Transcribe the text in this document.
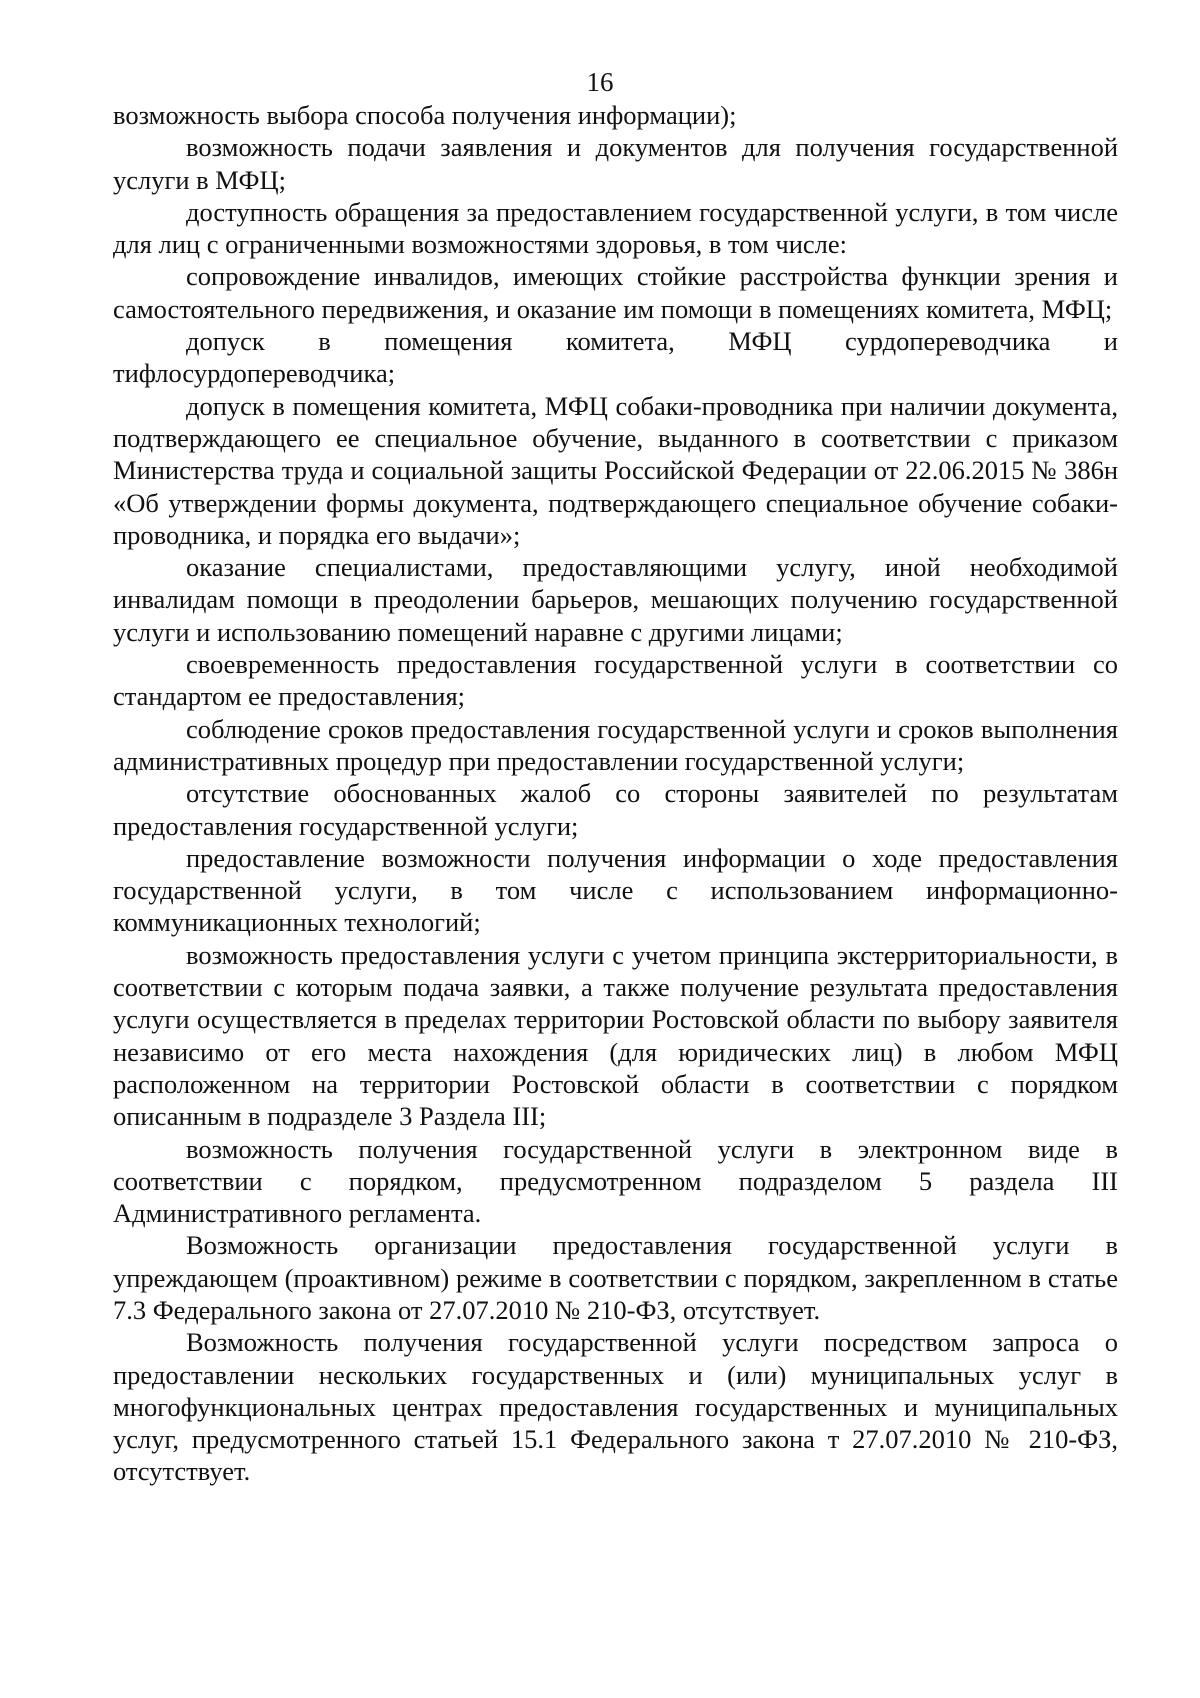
16

возможность выбора способа получения информации);

возможность подачи заявления и документов для получения государственной услуги в МФЦ;

доступность обращения за предоставлением государственной услуги, в том числе для лиц с ограниченными возможностями здоровья, в том числе:

сопровождение инвалидов, имеющих стойкие расстройства функции зрения и самостоятельного передвижения, и оказание им помощи в помещениях комитета, МФЦ;

допуск в помещения комитета, МФЦ сурдопереводчика и тифлосурдопереводчика;

допуск в помещения комитета, МФЦ собаки-проводника при наличии документа, подтверждающего ее специальное обучение, выданного в соответствии с приказом Министерства труда и социальной защиты Российской Федерации от 22.06.2015 № 386н «Об утверждении формы документа, подтверждающего специальное обучение собаки-проводника, и порядка его выдачи»;

оказание специалистами, предоставляющими услугу, иной необходимой инвалидам помощи в преодолении барьеров, мешающих получению государственной услуги и использованию помещений наравне с другими лицами;

своевременность предоставления государственной услуги в соответствии со стандартом ее предоставления;

соблюдение сроков предоставления государственной услуги и сроков выполнения административных процедур при предоставлении государственной услуги;

отсутствие обоснованных жалоб со стороны заявителей по результатам предоставления государственной услуги;

предоставление возможности получения информации о ходе предоставления государственной услуги, в том числе с использованием информационно-коммуникационных технологий;

возможность предоставления услуги с учетом принципа экстерриториальности, в соответствии с которым подача заявки, а также получение результата предоставления услуги осуществляется в пределах территории Ростовской области по выбору заявителя независимо от его места нахождения (для юридических лиц) в любом МФЦ расположенном на территории Ростовской области в соответствии с порядком описанным в подразделе 3 Раздела III;

возможность получения государственной услуги в электронном виде в соответствии с порядком, предусмотренном подразделом 5 раздела III Административного регламента.

Возможность организации предоставления государственной услуги в упреждающем (проактивном) режиме в соответствии с порядком, закрепленном в статье 7.3 Федерального закона от 27.07.2010 № 210-ФЗ, отсутствует.

Возможность получения государственной услуги посредством запроса о предоставлении нескольких государственных и (или) муниципальных услуг в многофункциональных центрах предоставления государственных и муниципальных услуг, предусмотренного статьей 15.1 Федерального закона т 27.07.2010 № 210-ФЗ, отсутствует.
